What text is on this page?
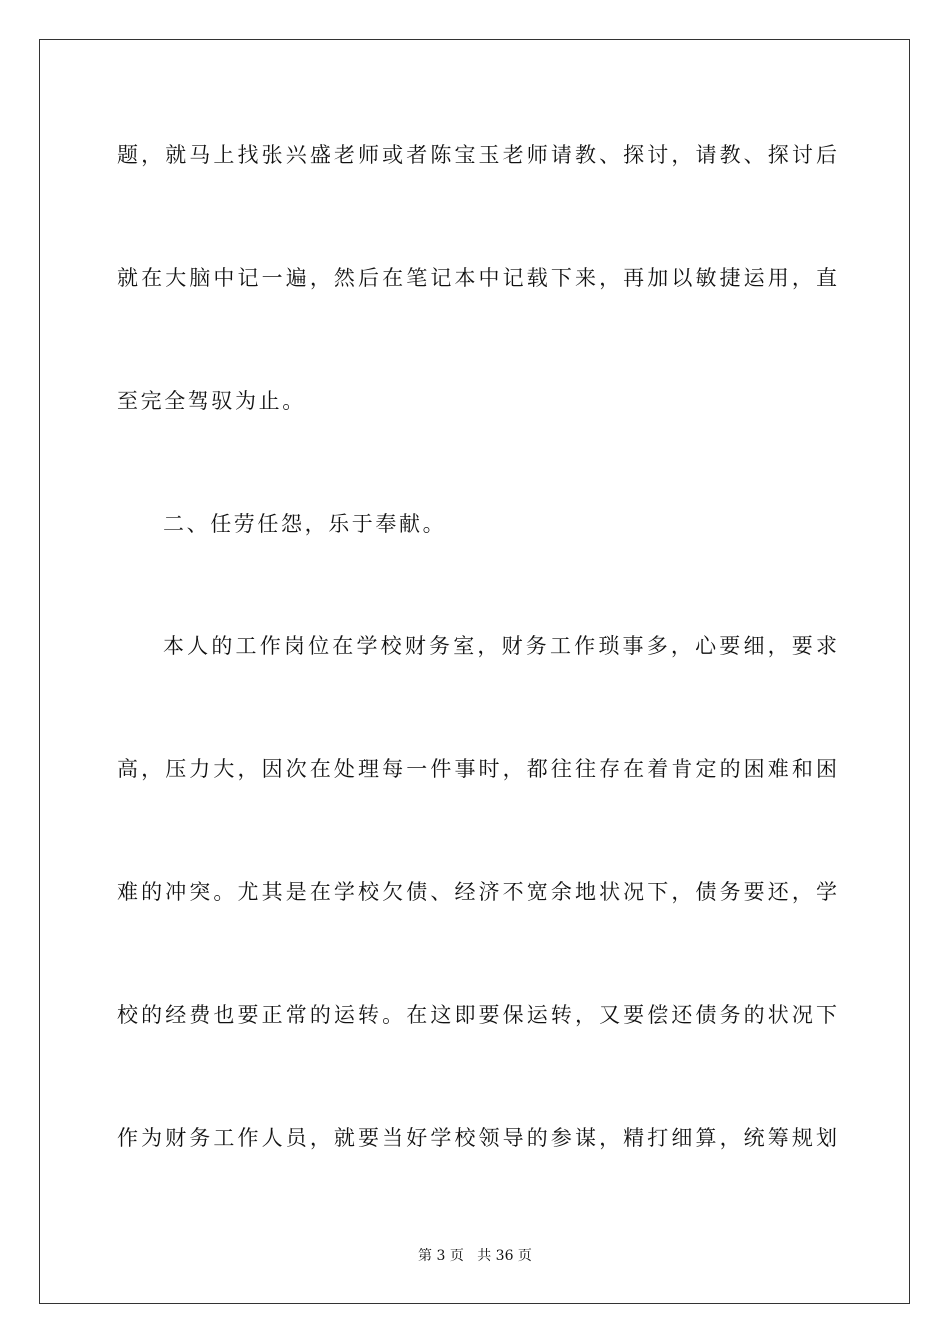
题，就马上找张兴盛老师或者陈宝玉老师请教、探讨，请教、探讨后
就在大脑中记一遍，然后在笔记本中记载下来，再加以敏捷运用，直
至完全驾驭为止。
二、任劳任怨，乐于奉献。
本人的工作岗位在学校财务室，财务工作琐事多，心要细，要求
高，压力大，因次在处理每一件事时，都往往存在着肯定的困难和困
难的冲突。尤其是在学校欠债、经济不宽余地状况下，债务要还，学
校的经费也要正常的运转。在这即要保运转，又要偿还债务的状况下
作为财务工作人员，就要当好学校领导的参谋，精打细算，统筹规划
第 3 页 共 36 页
